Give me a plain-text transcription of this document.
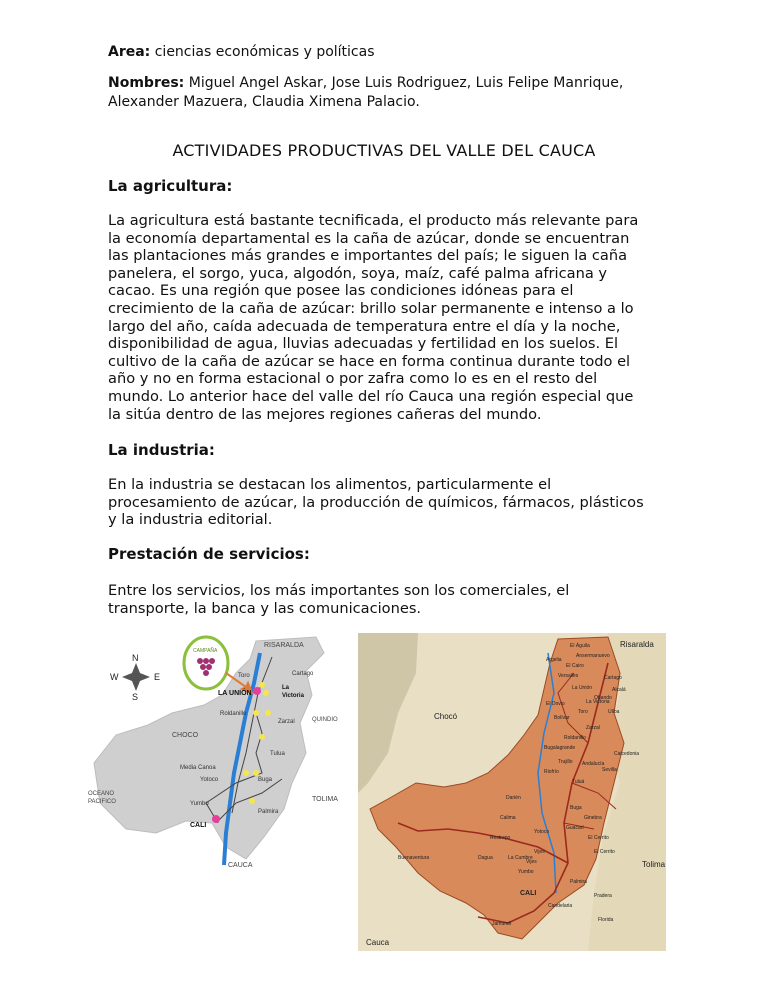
Area: ciencias económicas y políticas

Nombres: Miguel Angel Askar, Jose Luis Rodriguez, Luis Felipe Manrique,

Alexander Mazuera, Claudia Ximena Palacio.

ACTIVIDADES PRODUCTIVAS DEL VALLE DEL CAUCA
La agricultura:
La agricultura está bastante tecnificada, el producto más relevante para
la economía departamental es la caña de azúcar, donde se encuentran
las plantaciones más grandes e importantes del país; le siguen la caña
panelera, el sorgo, yuca, algodón, soya, maíz, café palma africana y
cacao. Es una región que posee las condiciones idóneas para el
crecimiento de la caña de azúcar: brillo solar permanente e intenso a lo
largo del año, caída adecuada de temperatura entre el día y la noche,
disponibilidad de agua, lluvias adecuadas y fertilidad en los suelos. El
cultivo de la caña de azúcar se hace en forma continua durante todo el
año y no en forma estacional o por zafra como lo es en el resto del
mundo. Lo anterior hace del valle del río Cauca una región especial que
la sitúa dentro de las mejores regiones cañeras del mundo.
La industria:
En la industria se destacan los alimentos, particularmente el
procesamiento de azúcar, la producción de químicos, fármacos, plásticos
y la industria editorial.
Prestación de servicios:
Entre los servicios, los más importantes son los comerciales, el
transporte, la banca y las comunicaciones.
N
W	E
S
CAMPAÑA
RISARALDA
QUINDIO
CHOCO
OCEANO
PACIFICO	TOLIMA
CAUCA
Toro	Cartago
LA UNIÓN
La
Victoria
Roldanillo
Zarzal
Tulua
Media Canoa
Yotoco	Buga
Yumbo
CALI
Palmira
Risaralda
Chocó
Tolima
Cauca
CALI
El Cairo
Cartago
Zarzal
Buga
Palmira
Jamundí
El Cerrito
Candelaria
Darién
Dagua	La Cumbre
Vijes
Yotoco
Trujillo
Tuluá
Pradera
El Dovio
Bolívar
Roldanillo
Sevilla
Ansermanuevo
Caicedonia
Florida
Riofrío
Restrepo
El Cerrito
Ginebra
Yumbo
Obando
Ulloa
Calima
Toro
La Victoria
Vijes
Guacarí
Andalucía
Bugalagrande
Alcalá
El Águila
Versalles
La Unión
Argelia
Buenaventura
